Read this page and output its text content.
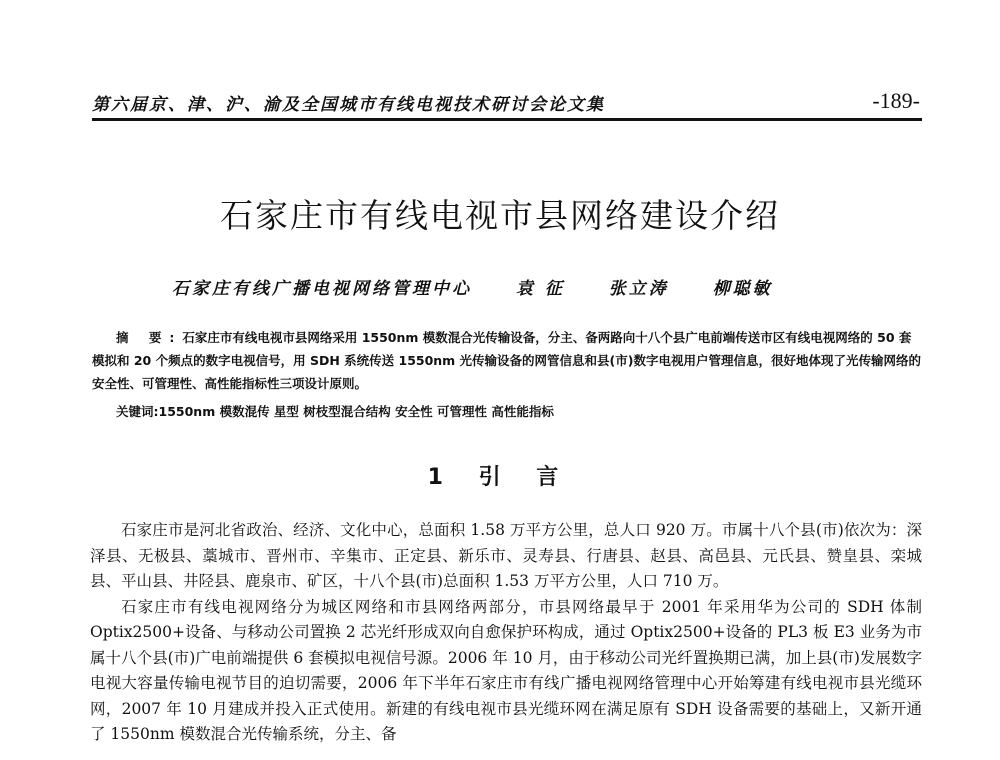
第六届京、津、沪、渝及全国城市有线电视技术研讨会论文集	-189-
石家庄市有线电视市县网络建设介绍
石家庄有线广播电视网络管理中心	袁 征	张立涛	柳聪敏
摘 要:石家庄市有线电视市县网络采用 1550nm 模数混合光传输设备，分主、备两路向十八个县广电前端传送市区有线电视网络的 50 套模拟和 20 个频点的数字电视信号，用 SDH 系统传送 1550nm 光传输设备的网管信息和县(市)数字电视用户管理信息，很好地体现了光传输网络的安全性、可管理性、高性能指标性三项设计原则。
关键词:1550nm 模数混传 星型 树枝型混合结构 安全性 可管理性 高性能指标
1 引 言

石家庄市是河北省政治、经济、文化中心，总面积 1.58 万平方公里，总人口 920 万。市属十八个县(市)依次为：深泽县、无极县、藁城市、晋州市、辛集市、正定县、新乐市、灵寿县、行唐县、赵县、高邑县、元氏县、赞皇县、栾城县、平山县、井陉县、鹿泉市、矿区，十八个县(市)总面积 1.53 万平方公里，人口 710 万。

石家庄市有线电视网络分为城区网络和市县网络两部分，市县网络最早于 2001 年采用华为公司的 SDH 体制 Optix2500+设备、与移动公司置换 2 芯光纤形成双向自愈保护环构成，通过 Optix2500+设备的 PL3 板 E3 业务为市属十八个县(市)广电前端提供 6 套模拟电视信号源。2006 年 10 月，由于移动公司光纤置换期已满，加上县(市)发展数字电视大容量传输电视节目的迫切需要，2006 年下半年石家庄市有线广播电视网络管理中心开始筹建有线电视市县光缆环网，2007 年 10 月建成并投入正式使用。新建的有线电视市县光缆环网在满足原有 SDH 设备需要的基础上，又新开通了 1550nm 模数混合光传输系统，分主、备
